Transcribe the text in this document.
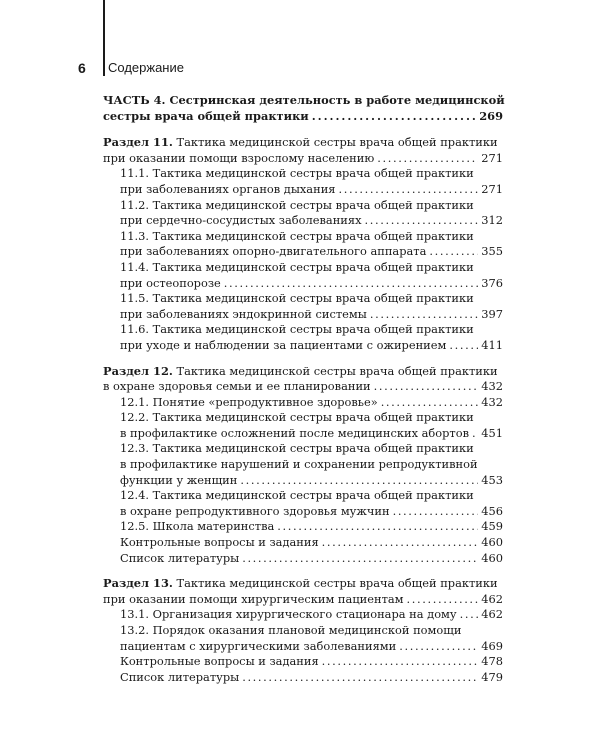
6 Содержание
ЧАСТЬ 4. Сестринская деятельность в работе медицинской
сестры врача общей практики . . .	269
Раздел 11. Тактика медицинской сестры врача общей практики
при оказании помощи взрослому населению . . .	271
11.1. Тактика медицинской сестры врача общей практики
при заболеваниях органов дыхания . . .	271
11.2. Тактика медицинской сестры врача общей практики
при сердечно-сосудистых заболеваниях . . .	312
11.3. Тактика медицинской сестры врача общей практики
при заболеваниях опорно-двигательного аппарата . . .	355
11.4. Тактика медицинской сестры врача общей практики
при остеопорозе . . .	376
11.5. Тактика медицинской сестры врача общей практики
при заболеваниях эндокринной системы . . .	397
11.6. Тактика медицинской сестры врача общей практики
при уходе и наблюдении за пациентами с ожирением . . .	411
Раздел 12. Тактика медицинской сестры врача общей практики
в охране здоровья семьи и ее планировании . . .	432
12.1. Понятие «репродуктивное здоровье» . . .	432
12.2. Тактика медицинской сестры врача общей практики
в профилактике осложнений после медицинских абортов . . . 451
12.3. Тактика медицинской сестры врача общей практики
в профилактике нарушений и сохранении репродуктивной
функции у женщин . . .	453
12.4. Тактика медицинской сестры врача общей практики
в охране репродуктивного здоровья мужчин . . .	456
12.5. Школа материнства . . .	459
Контрольные вопросы и задания . . .	460
Список литературы . . .	460
Раздел 13. Тактика медицинской сестры врача общей практики
при оказании помощи хирургическим пациентам . . .	462
13.1. Организация хирургического стационара на дому . . . 462
13.2. Порядок оказания плановой медицинской помощи
пациентам с хирургическими заболеваниями . . .	469
Контрольные вопросы и задания . . .	478
Список литературы . . .	479
